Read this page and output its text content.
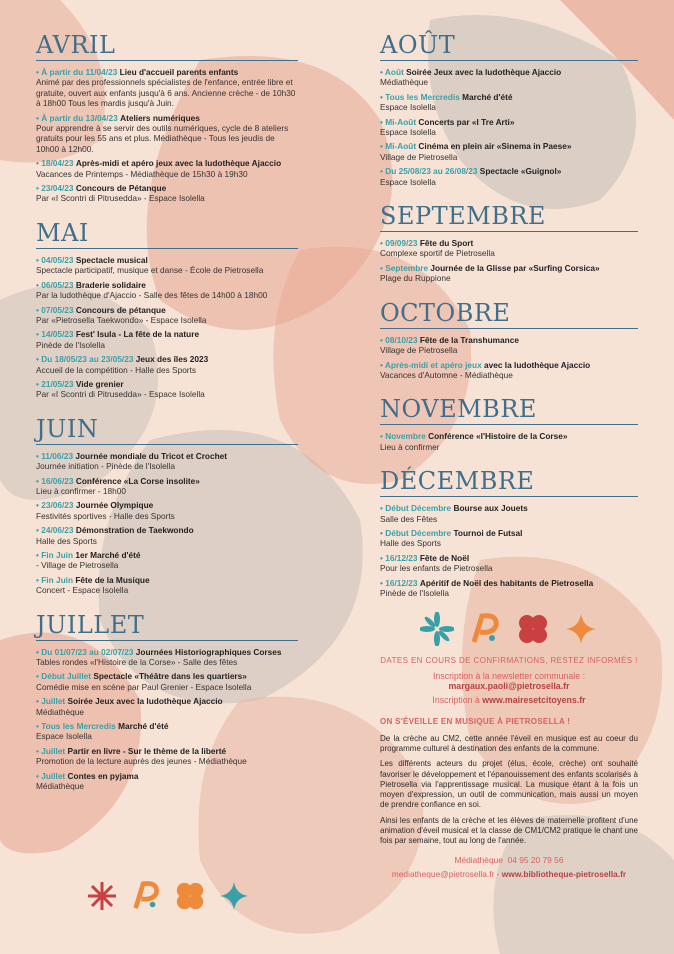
AVRIL
• À partir du 11/04/23 Lieu d'accueil parents enfants
Animé par des professionnels spécialistes de l'enfance, entrée libre et gratuite, ouvert aux enfants jusqu'à 6 ans. Ancienne crèche - de 10h30 à 18h00 Tous les mardis jusqu'à Juin.
• À partir du 13/04/23 Ateliers numériques
Pour apprendre à se servir des outils numériques, cycle de 8 ateliers gratuits pour les 55 ans et plus. Médiathèque - Tous les jeudis de 10h00 à 12h00.
• 18/04/23 Après-midi et apéro jeux avec la ludothèque Ajaccio
Vacances de Printemps - Médiathèque de 15h30 à 19h30
• 23/04/23 Concours de Pétanque
Par «I Scontri di Pitrusedda» - Espace Isolella
MAI
• 04/05/23 Spectacle musical
Spectacle participatif, musique et danse - École de Pietrosella
• 06/05/23 Braderie solidaire
Par la ludothèque d'Ajaccio - Salle des fêtes de 14h00 à 18h00
• 07/05/23 Concours de pétanque
Par «Pietrosella Taekwondo» - Espace Isolella
• 14/05/23 Fest' Isula - La fête de la nature
Pinède de l'Isolella
• Du 18/05/23 au 23/05/23 Jeux des îles 2023
Accueil de la compétition - Halle des Sports
• 21/05/23 Vide grenier
Par «I Scontri di Pitrusedda» - Espace Isolella
JUIN
• 11/06/23 Journée mondiale du Tricot et Crochet
Journée initiation - Pinède de l'Isolella
• 16/06/23 Conférence «La Corse insolite»
Lieu à confirmer - 18h00
• 23/06/23 Journée Olympique
Festivités sportives - Halle des Sports
• 24/06/23 Démonstration de Taekwondo
Halle des Sports
• Fin Juin 1er Marché d'été
- Village de Pietrosella
• Fin Juin Fête de la Musique
Concert - Espace Isolella
JUILLET
• Du 01/07/23 au 02/07/23 Journées Historiographiques Corses
Tables rondes «l'Histoire de la Corse» - Salle des fêtes
• Début Juillet Spectacle «Théâtre dans les quartiers»
Comédie mise en scène par Paul Grenier - Espace Isolella
• Juillet Soirée Jeux avec la ludothèque Ajaccio
Médiathèque
• Tous les Mercredis Marché d'été
Espace Isolella
• Juillet Partir en livre - Sur le thème de la liberté
Promotion de la lecture auprès des jeunes - Médiathèque
• Juillet Contes en pyjama
Médiathèque
AOÛT
• Août Soirée Jeux avec la ludothèque Ajaccio
Médiathèque
• Tous les Mercredis Marché d'été
Espace Isolella
• Mi-Août Concerts par «I Tre Arti»
Espace Isolella
• Mi-Août Cinéma en plein air «Sinema in Paese»
Village de Pietrosella
• Du 25/08/23 au 26/08/23 Spectacle «Guignol»
Espace Isolella
SEPTEMBRE
• 09/09/23 Fête du Sport
Complexe sportif de Pietrosella
• Septembre Journée de la Glisse par «Surfing Corsica»
Plage du Ruppione
OCTOBRE
• 08/10/23 Fête de la Transhumance
Village de Pietrosella
• Après-midi et apéro jeux avec la ludothèque Ajaccio
Vacances d'Automne - Médiathèque
NOVEMBRE
• Novembre Conférence «l'Histoire de la Corse»
Lieu à confirmer
DÉCEMBRE
• Début Décembre Bourse aux Jouets
Salle des Fêtes
• Début Décembre Tournoi de Futsal
Halle des Sports
• 16/12/23 Fête de Noël
Pour les enfants de Pietrosella
• 16/12/23 Apéritif de Noël des habitants de Pietrosella
Pinède de l'Isolella
DATES EN COURS DE CONFIRMATIONS, RESTEZ INFORMÉS !
Inscription à la newsletter communale :
margaux.paoli@pietrosella.fr
Inscription à www.mairesetcitoyens.fr
ON S'ÉVEILLE EN MUSIQUE À PIETROSELLA !

De la crèche au CM2, cette année l'éveil en musique est au coeur du programme culturel à destination des enfants de la commune.

Les différents acteurs du projet (élus, école, crèche) ont souhaité favoriser le développement et l'épanouissement des enfants scolarisés à Pietrosella via l'apprentissage musical. La musique étant à la fois un moyen d'expression, un outil de communication, mais aussi un moyen de prendre confiance en soi.

Ainsi les enfants de la crèche et les élèves de maternelle profitent d'une animation d'éveil musical et la classe de CM1/CM2 pratique le chant une fois par semaine, tout au long de l'année.

Médiathèque 04 95 20 79 56
mediatheque@pietrosella.fr - www.bibliotheque-pietrosella.fr
